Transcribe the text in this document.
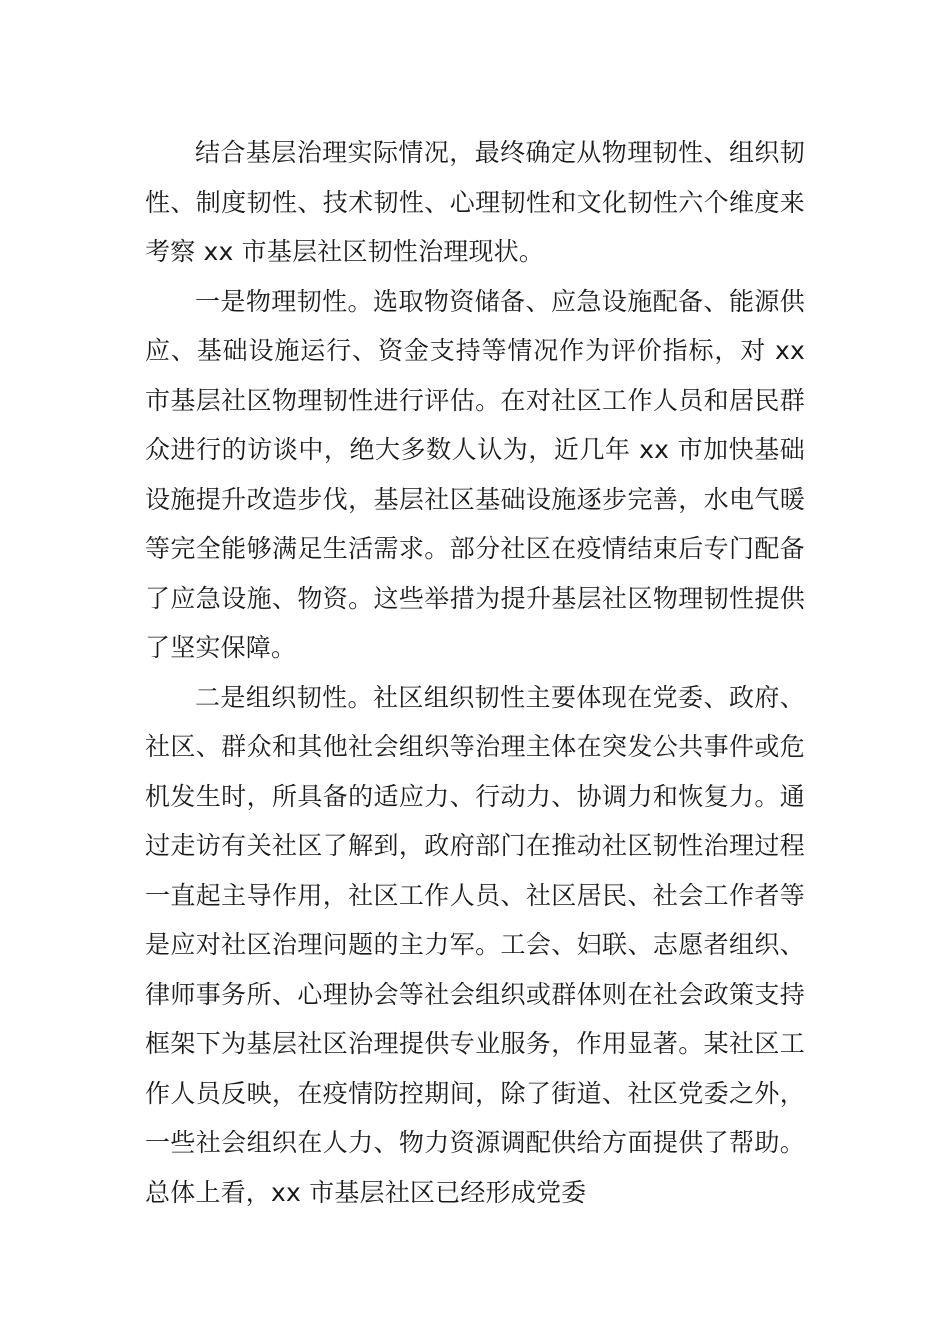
结合基层治理实际情况，最终确定从物理韧性、组织韧性、制度韧性、技术韧性、心理韧性和文化韧性六个维度来考察 xx 市基层社区韧性治理现状。

一是物理韧性。选取物资储备、应急设施配备、能源供应、基础设施运行、资金支持等情况作为评价指标，对 xx 市基层社区物理韧性进行评估。在对社区工作人员和居民群众进行的访谈中，绝大多数人认为，近几年 xx 市加快基础设施提升改造步伐，基层社区基础设施逐步完善，水电气暖等完全能够满足生活需求。部分社区在疫情结束后专门配备了应急设施、物资。这些举措为提升基层社区物理韧性提供了坚实保障。

二是组织韧性。社区组织韧性主要体现在党委、政府、社区、群众和其他社会组织等治理主体在突发公共事件或危机发生时，所具备的适应力、行动力、协调力和恢复力。通过走访有关社区了解到，政府部门在推动社区韧性治理过程一直起主导作用，社区工作人员、社区居民、社会工作者等是应对社区治理问题的主力军。工会、妇联、志愿者组织、律师事务所、心理协会等社会组织或群体则在社会政策支持框架下为基层社区治理提供专业服务，作用显著。某社区工作人员反映，在疫情防控期间，除了街道、社区党委之外，一些社会组织在人力、物力资源调配供给方面提供了帮助。总体上看，xx 市基层社区已经形成党委
